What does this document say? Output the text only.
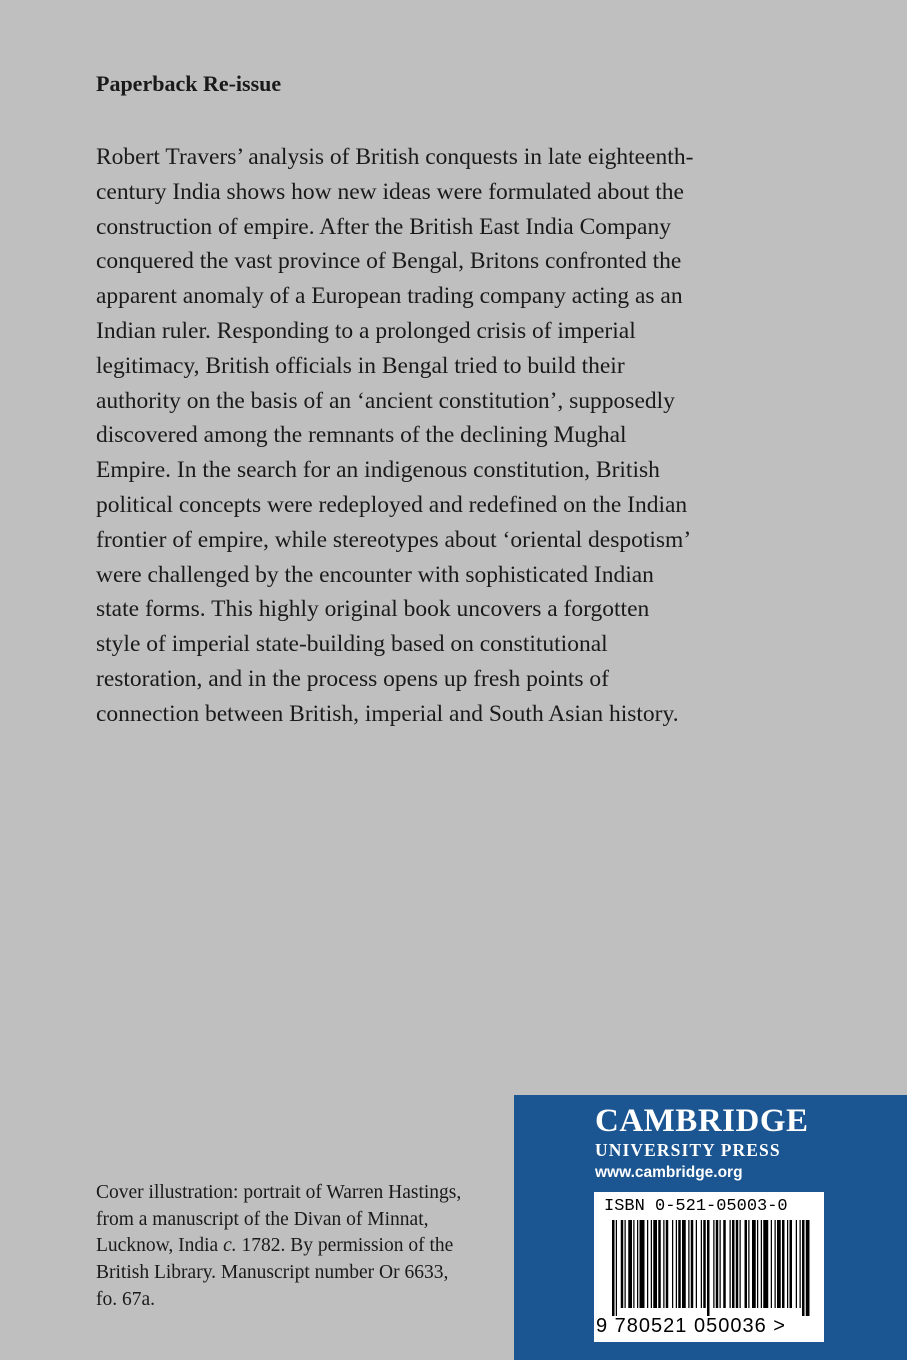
Paperback Re-issue
Robert Travers’ analysis of British conquests in late eighteenth-
century India shows how new ideas were formulated about the
construction of empire. After the British East India Company
conquered the vast province of Bengal, Britons confronted the
apparent anomaly of a European trading company acting as an
Indian ruler. Responding to a prolonged crisis of imperial
legitimacy, British officials in Bengal tried to build their
authority on the basis of an ‘ancient constitution’, supposedly
discovered among the remnants of the declining Mughal
Empire. In the search for an indigenous constitution, British
political concepts were redeployed and redefined on the Indian
frontier of empire, while stereotypes about ‘oriental despotism’
were challenged by the encounter with sophisticated Indian
state forms. This highly original book uncovers a forgotten
style of imperial state-building based on constitutional
restoration, and in the process opens up fresh points of
connection between British, imperial and South Asian history.
Cover illustration: portrait of Warren Hastings,
from a manuscript of the Divan of Minnat,
Lucknow, India c. 1782. By permission of the
British Library. Manuscript number Or 6633,
fo. 67a.
CAMBRIDGE
UNIVERSITY PRESS
www.cambridge.org
ISBN 0-521-05003-0
9 780521 050036 >
